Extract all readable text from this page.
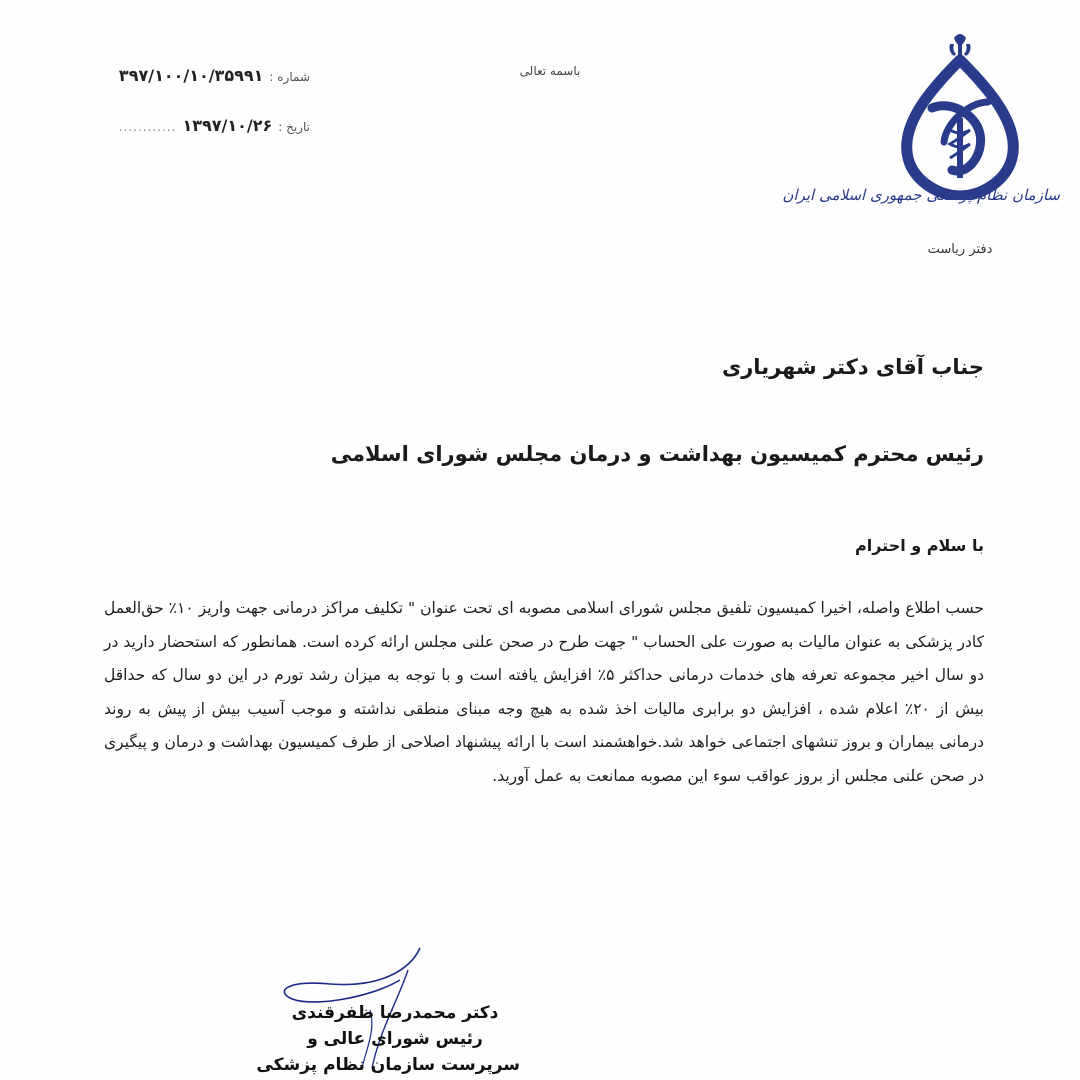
سازمان نظام پزشکی جمهوری اسلامی ایران
دفتر ریاست
باسمه تعالی
شماره :
۳۹۷/۱۰۰/۱۰/۳۵۹۹۱
تاریخ :
۱۳۹۷/۱۰/۲۶
............
جناب آقای دکتر شهریاری
رئیس محترم کمیسیون بهداشت و درمان مجلس شورای اسلامی
با سلام و احترام
حسب اطلاع واصله، اخیرا کمیسیون تلفیق مجلس شورای اسلامی مصوبه ای تحت عنوان " تکلیف مراکز درمانی جهت واریز ۱۰٪ حق‌العمل کادر پزشکی به عنوان مالیات به صورت علی الحساب " جهت طرح در صحن علنی مجلس ارائه کرده است. همانطور که استحضار دارید در دو سال اخیر مجموعه تعرفه های خدمات درمانی حداکثر ۵٪ افزایش یافته است و با توجه به میزان رشد تورم در این دو سال که حداقل بیش از ۲۰٪ اعلام شده ، افزایش دو برابری مالیات اخذ شده به هیچ وجه مبنای منطقی نداشته و موجب آسیب بیش از پیش به روند درمانی بیماران و بروز تنشهای اجتماعی خواهد شد.خواهشمند است با ارائه پیشنهاد اصلاحی از طرف کمیسیون بهداشت و درمان و پیگیری در صحن علنی مجلس از بروز عواقب سوء این مصوبه ممانعت به عمل آورید.
دکتر محمدرضا ظفرقندی
رئیس شورای عالی و
سرپرست سازمان نظام پزشکی
